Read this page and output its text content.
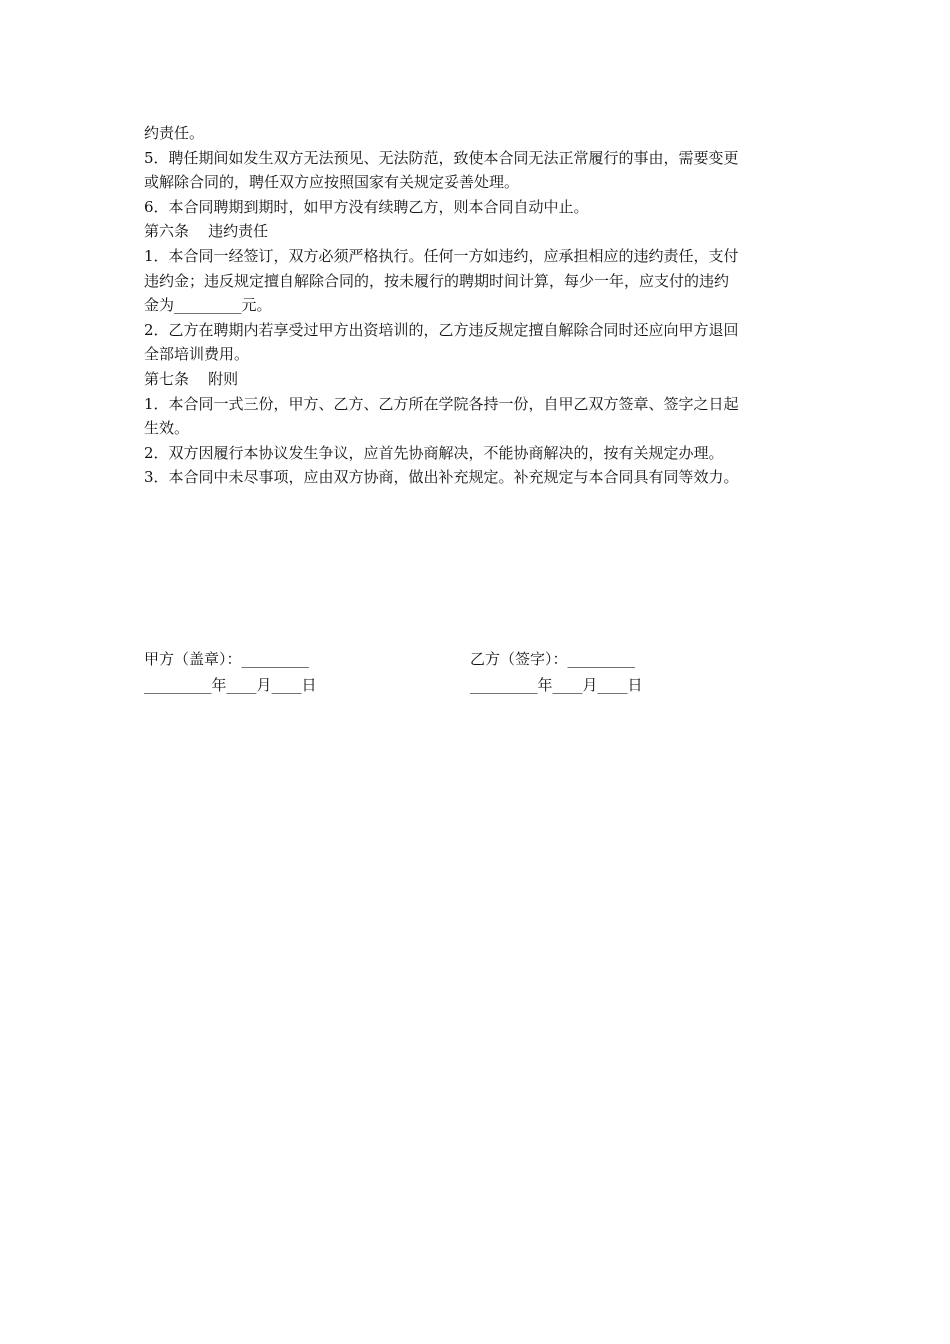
约责任。

5．聘任期间如发生双方无法预见、无法防范，致使本合同无法正常履行的事由，需要变更

或解除合同的，聘任双方应按照国家有关规定妥善处理。

6．本合同聘期到期时，如甲方没有续聘乙方，则本合同自动中止。

第六条    违约责任

1．本合同一经签订，双方必须严格执行。任何一方如违约，应承担相应的违约责任，支付

违约金；违反规定擅自解除合同的，按未履行的聘期时间计算，每少一年，应支付的违约

金为_________元。

2．乙方在聘期内若享受过甲方出资培训的，乙方违反规定擅自解除合同时还应向甲方退回

全部培训费用。

第七条    附则

1．本合同一式三份，甲方、乙方、乙方所在学院各持一份，自甲乙双方签章、签字之日起

生效。

2．双方因履行本协议发生争议，应首先协商解决，不能协商解决的，按有关规定办理。

3．本合同中未尽事项，应由双方协商，做出补充规定。补充规定与本合同具有同等效力。

甲方（盖章）：_________

_________年____月____日

乙方（签字）：_________

_________年____月____日
